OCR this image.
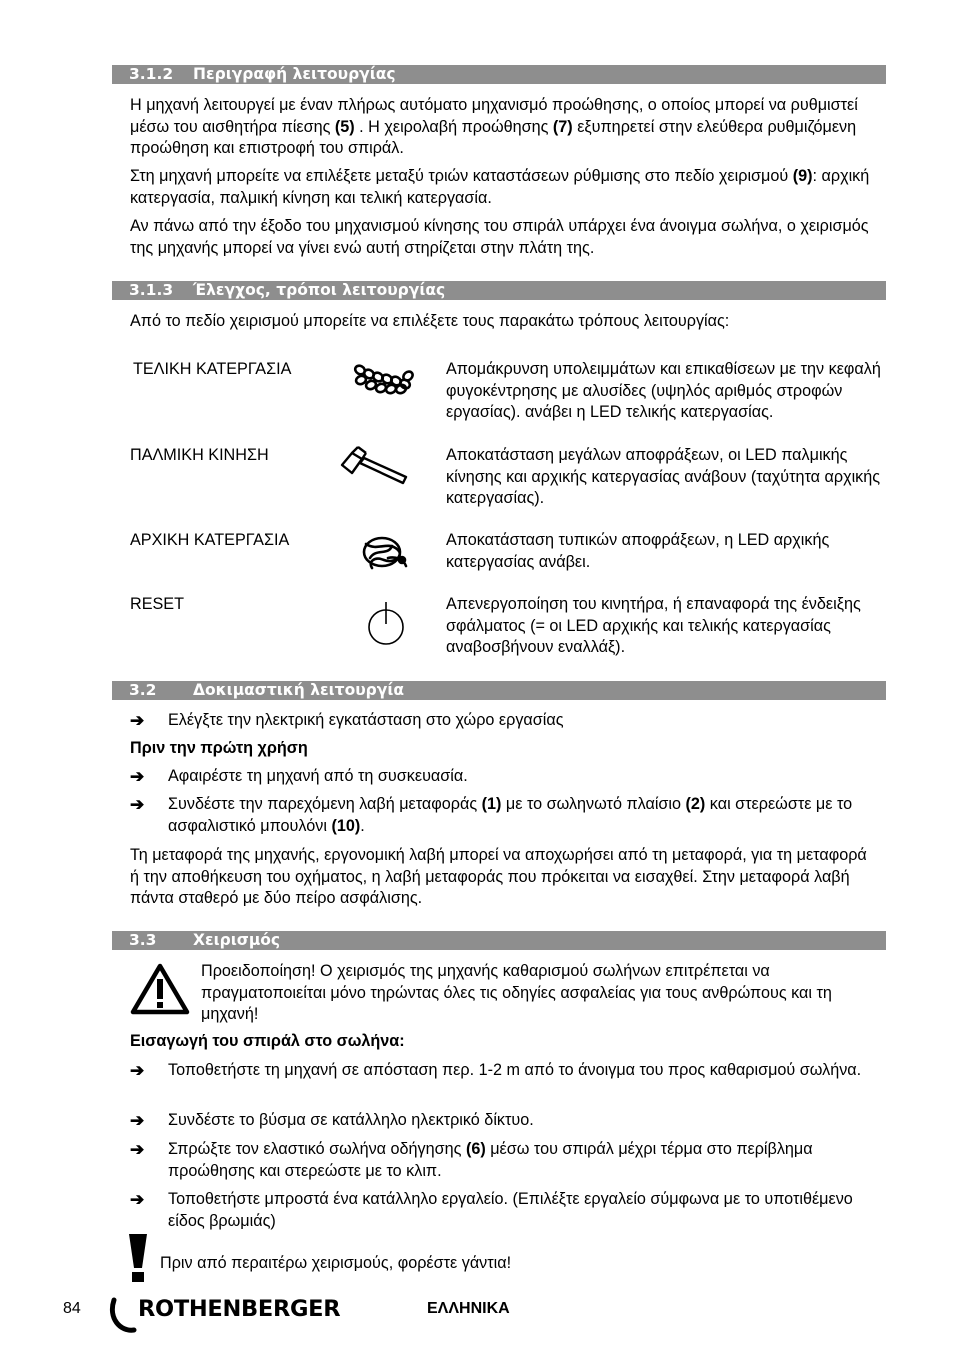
3.1.2 Περιγραφή λειτουργίας

Η μηχανή λειτουργεί με έναν πλήρως αυτόματο μηχανισμό προώθησης, ο οποίος μπορεί να ρυθμιστεί μέσω του αισθητήρα πίεσης (5) . Η χειρολαβή προώθησης (7) εξυπηρετεί στην ελεύθερα ρυθμιζόμενη προώθηση και επιστροφή του σπιράλ.

Στη μηχανή μπορείτε να επιλέξετε μεταξύ τριών καταστάσεων ρύθμισης στο πεδίο χειρισμού (9): αρχική κατεργασία, παλμική κίνηση και τελική κατεργασία.

Αν πάνω από την έξοδο του μηχανισμού κίνησης του σπιράλ υπάρχει ένα άνοιγμα σωλήνα, ο χειρισμός της μηχανής μπορεί να γίνει ενώ αυτή στηρίζεται στην πλάτη της.

3.1.3 Έλεγχος, τρόποι λειτουργίας

Από το πεδίο χειρισμού μπορείτε να επιλέξετε τους παρακάτω τρόπους λειτουργίας:

ΤΕΛΙΚΗ ΚΑΤΕΡΓΑΣΙΑ	Απομάκρυνση υπολειμμάτων και επικαθίσεων με την κεφαλή φυγοκέντρησης με αλυσίδες (υψηλός αριθμός στροφών εργασίας). ανάβει η LED τελικής κατεργασίας.
ΠΑΛΜΙΚΗ ΚΙΝΗΣΗ	Αποκατάσταση μεγάλων αποφράξεων, οι LED παλμικής κίνησης και αρχικής κατεργασίας ανάβουν (ταχύτητα αρχικής κατεργασίας).
ΑΡΧΙΚΗ ΚΑΤΕΡΓΑΣΙΑ	Αποκατάσταση τυπικών αποφράξεων, η LED αρχικής κατεργασίας ανάβει.
RESET	Απενεργοποίηση του κινητήρα, ή επαναφορά της ένδειξης σφάλματος (= οι LED αρχικής και τελικής κατεργασίας αναβοσβήνουν εναλλάξ).
3.2 Δοκιμαστική λειτουργία
➔ Ελέγξτε την ηλεκτρική εγκατάσταση στο χώρο εργασίας

Πριν την πρώτη χρήση

➔ Αφαιρέστε τη μηχανή από τη συσκευασία.
➔ Συνδέστε την παρεχόμενη λαβή μεταφοράς (1) με το σωληνωτό πλαίσιο (2) και στερεώστε με το ασφαλιστικό μπουλόνι (10).

Τη μεταφορά της μηχανής, εργονομική λαβή μπορεί να αποχωρήσει από τη μεταφορά, για τη μεταφορά ή την αποθήκευση του οχήματος, η λαβή μεταφοράς που πρόκειται να εισαχθεί. Στην μεταφορά λαβή πάντα σταθερό με δύο πείρο ασφάλισης.

3.3 Χειρισμός

Προειδοποίηση! Ο χειρισμός της μηχανής καθαρισμού σωλήνων επιτρέπεται να πραγματοποιείται μόνο τηρώντας όλες τις οδηγίες ασφαλείας για τους ανθρώπους και τη μηχανή!

Εισαγωγή του σπιράλ στο σωλήνα:

➔ Τοποθετήστε τη μηχανή σε απόσταση περ. 1-2 m από το άνοιγμα του προς καθαρισμού σωλήνα.
➔ Συνδέστε το βύσμα σε κατάλληλο ηλεκτρικό δίκτυο.
➔ Σπρώξτε τον ελαστικό σωλήνα οδήγησης (6) μέσω του σπιράλ μέχρι τέρμα στο περίβλημα προώθησης και στερεώστε με το κλιπ.
➔ Τοποθετήστε μπροστά ένα κατάλληλο εργαλείο. (Επιλέξτε εργαλείο σύμφωνα με το υποτιθέμενο είδος βρωμιάς)

Πριν από περαιτέρω χειρισμούς, φορέστε γάντια!

84	ROTHENBERGER	ΕΛΛΗΝΙΚΑ
